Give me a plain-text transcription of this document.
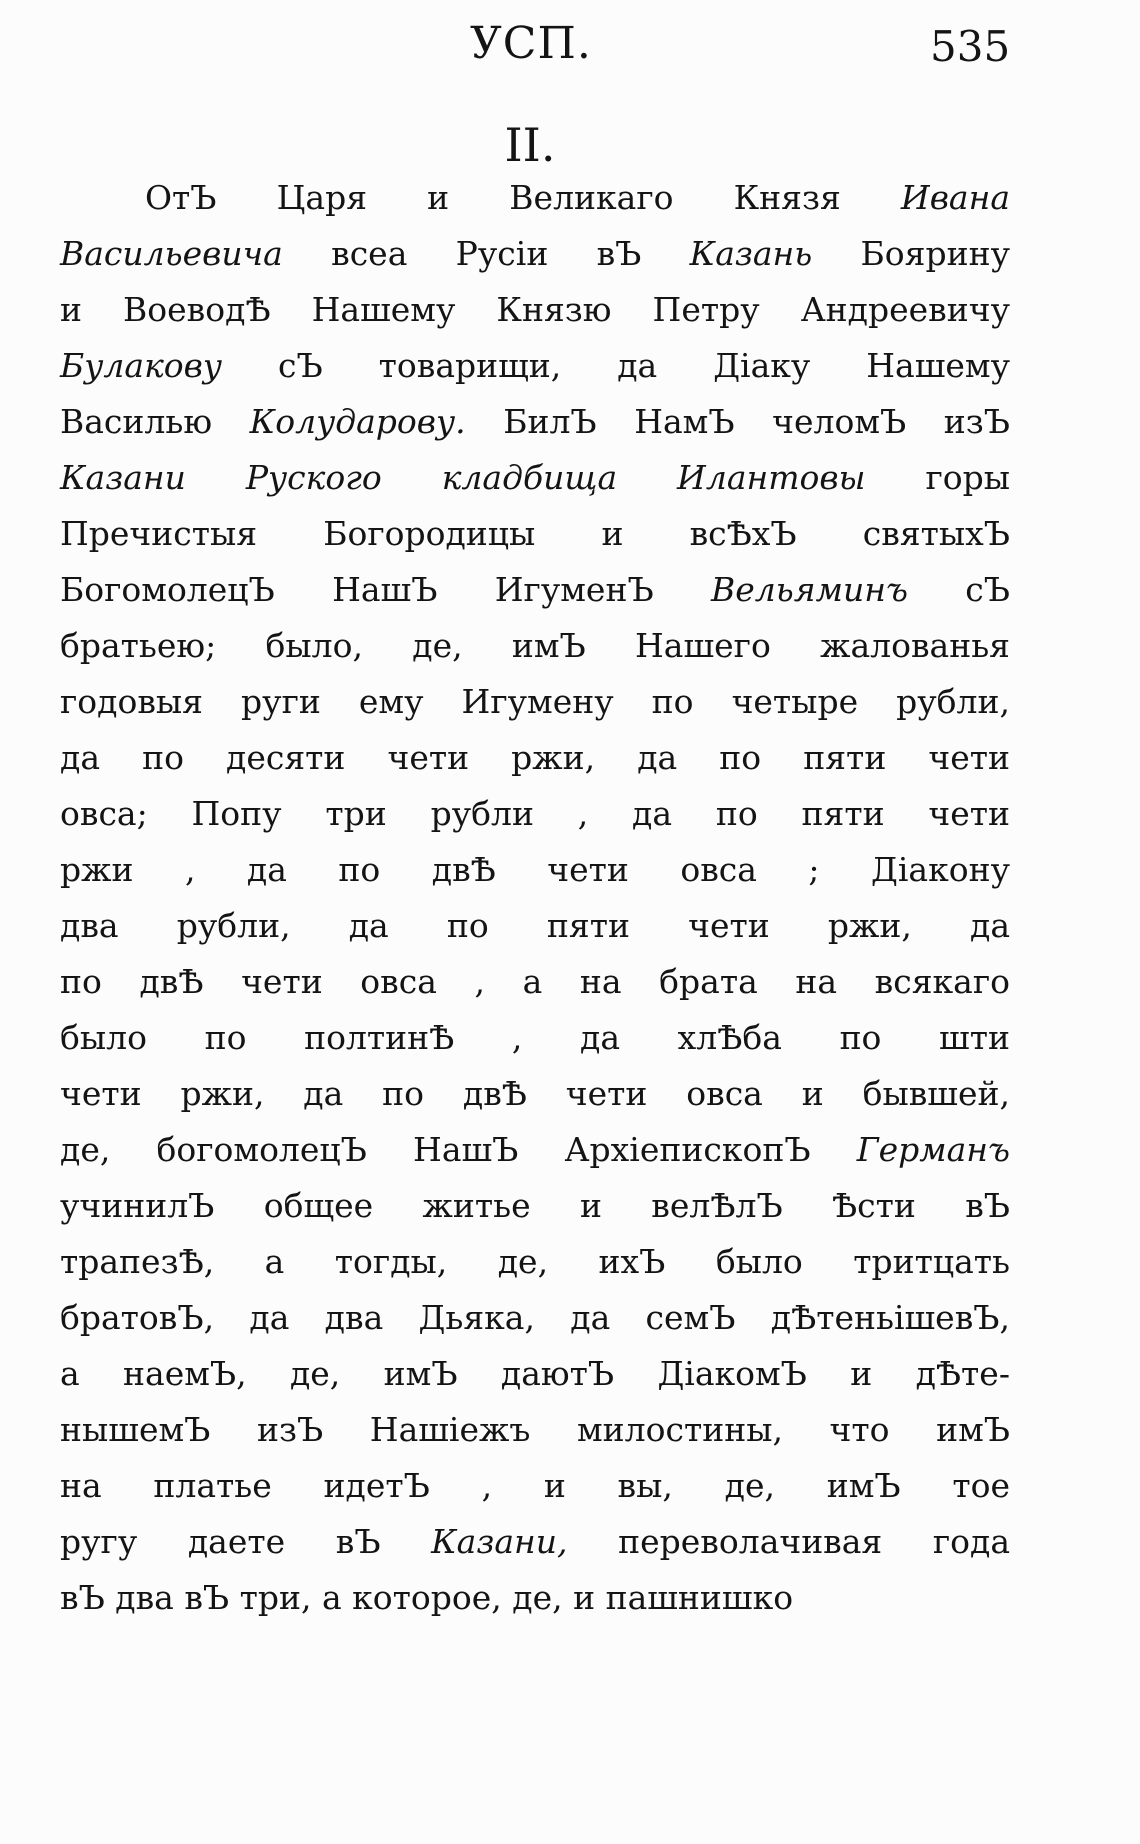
УСП.	535
II.
ОтЪ Царя и Великаго Князя Ивана
Васильевича всеа Русіи вЪ Казань Боярину
и ВоеводѢ Нашему Князю Петру Андреевичу
Булакову сЪ товарищи, да Діаку Нашему
Василью Колударову. БилЪ НамЪ челомЪ изЪ
Казани Руского кладбища Илантовы горы
Пречистыя Богородицы и всѢхЪ святыхЪ
БогомолецЪ НашЪ ИгуменЪ Вельяминъ сЪ
братьею; было, де, имЪ Нашего жалованья
годовыя руги ему Игумену по четыре рубли,
да по десяти чети ржи, да по пяти чети
овса; Попу три рубли , да по пяти чети
ржи , да по двѢ чети овса ; Діакону
два рубли, да по пяти чети ржи, да
по двѢ чети овса , а на брата на всякаго
было по полтинѢ , да хлѢба по шти
чети ржи, да по двѢ чети овса и бывшей,
де, богомолецЪ НашЪ АрхіепископЪ Германъ
учинилЪ общее житье и велѢлЪ Ѣсти вЪ
трапезѢ, а тогды, де, ихЪ было тритцать
братовЪ, да два Дьяка, да семЪ дѢтеньішевЪ,
а наемЪ, де, имЪ даютЪ ДіакомЪ и дѢте-
нышемЪ изЪ Нашіежъ милостины, что имЪ
на платье идетЪ , и вы, де, имЪ тое
ругу даете вЪ Казани, переволачивая года
вЪ два вЪ три, а которое, де, и пашнишко
